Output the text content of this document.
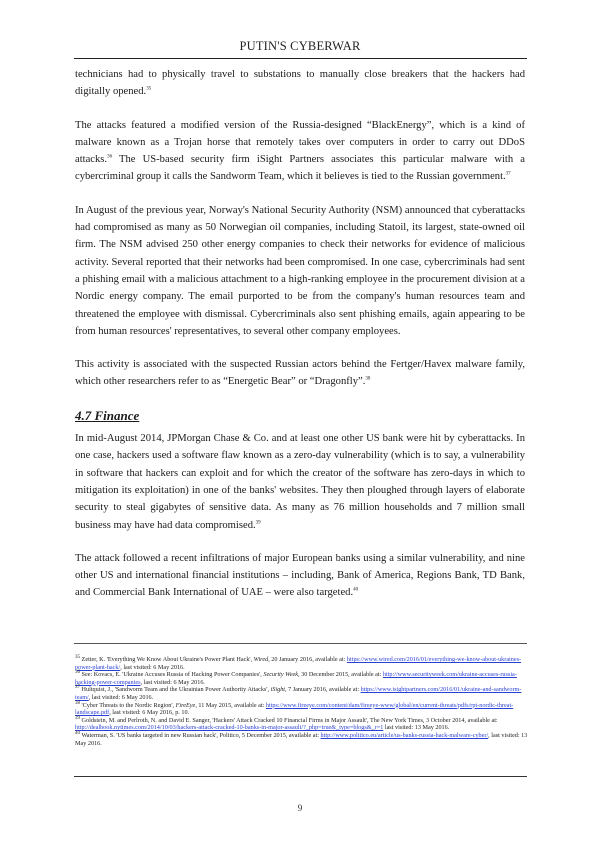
PUTIN'S CYBERWAR

technicians had to physically travel to substations to manually close breakers that the hackers had digitally opened.$^{35}$

The attacks featured a modified version of the Russia-designed “BlackEnergy”, which is a kind of malware known as a Trojan horse that remotely takes over computers in order to carry out DDoS attacks.$^{36}$ The US-based security firm iSight Partners associates this particular malware with a cybercriminal group it calls the Sandworm Team, which it believes is tied to the Russian government.$^{37}$

In August of the previous year, Norway's National Security Authority (NSM) announced that cyberattacks had compromised as many as 50 Norwegian oil companies, including Statoil, its largest, state-owned oil firm. The NSM advised 250 other energy companies to check their networks for evidence of malicious activity. Several reported that their networks had been compromised. In one case, cybercriminals had sent a phishing email with a malicious attachment to a high-ranking employee in the procurement division at a Nordic energy company. The email purported to be from the company's human resources team and threatened the employee with dismissal. Cybercriminals also sent phishing emails, again appearing to be from human resources' representatives, to several other company employees.

This activity is associated with the suspected Russian actors behind the Fertger/Havex malware family, which other researchers refer to as “Energetic Bear” or “Dragonfly”.$^{38}$

4.7 Finance

In mid-August 2014, JPMorgan Chase & Co. and at least one other US bank were hit by cyberattacks. In one case, hackers used a software flaw known as a zero-day vulnerability (which is to say, a vulnerability in software that hackers can exploit and for which the creator of the software has zero-days in which to mitigation its exploitation) in one of the banks' websites. They then ploughed through layers of elaborate security to steal gigabytes of sensitive data. As many as 76 million households and 7 million small business may have had data compromised.$^{39}$

The attack followed a recent infiltrations of major European banks using a similar vulnerability, and nine other US and international financial institutions – including, Bank of America, Regions Bank, TD Bank, and Commercial Bank International of UAE – were also targeted.$^{40}$

$^{35}$ Zetter, K. 'Everything We Know About Ukraine's Power Plant Hack', Wired, 20 January 2016, available at: https://www.wired.com/2016/01/everything-we-know-about-ukraines-power-plant-hack/, last visited: 6 May 2016.

$^{36}$ See: Kovacs, E. 'Ukraine Accuses Russia of Hacking Power Companies', Security Week, 30 December 2015, available at: http://www.securityweek.com/ukraine-accuses-russia-hacking-power-companies, last visited: 6 May 2016.

$^{37}$ Hultquist, J., 'Sandworm Team and the Ukrainian Power Authority Attacks', iSight, 7 January 2016, available at: https://www.isightpartners.com/2016/01/ukraine-and-sandworm-team/, last visited: 6 May 2016.

$^{38}$ 'Cyber Threats to the Nordic Region', FireEye, 11 May 2015, available at: https://www.fireeye.com/content/dam/fireeye-www/global/en/current-threats/pdfs/rpt-nordic-threat-landscape.pdf, last visited: 6 May 2016, p. 10.

$^{39}$ Goldstein, M. and Perlroth, N. and David E. Sanger, 'Hackers' Attack Cracked 10 Financial Firms in Major Assault', The New York Times, 3 October 2014, available at: http://dealbook.nytimes.com/2014/10/03/hackers-attack-cracked-10-banks-in-major-assault/?_php=true&_type=blogs&_r=1 last visited: 13 May 2016.

$^{40}$ Waterman, S. 'US banks targeted in new Russian hack', Politico, 5 December 2015, available at: http://www.politico.eu/article/us-banks-russia-hack-malware-cyber/, last visited: 13 May 2016.

9
